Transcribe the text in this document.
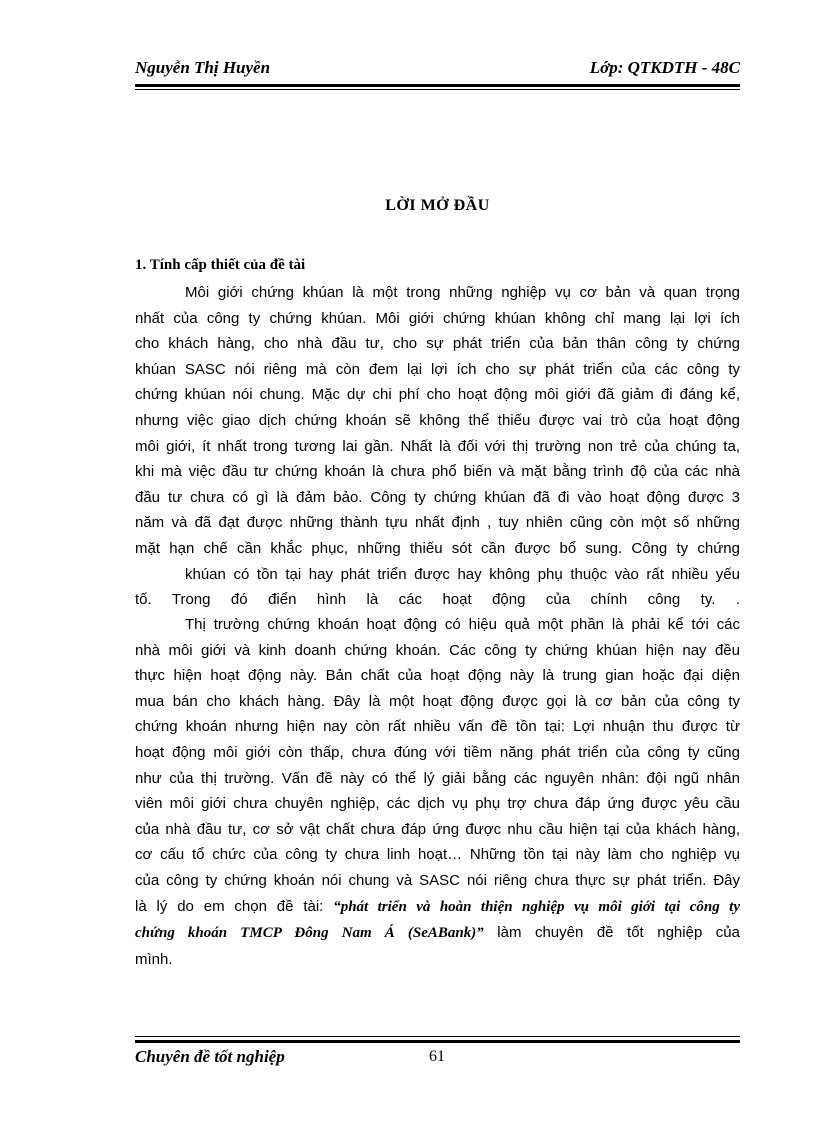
Nguyễn Thị Huyền	Lớp: QTKDTH - 48C
LỜI MỞ ĐẦU
1. Tính cấp thiết của đề tài
Môi giới chứng khúan là một trong những nghiệp vụ cơ bản và quan trọng
nhất của công ty chứng khúan. Môi giới chứng khúan không chỉ mang lại lợi ích
cho khách hàng, cho nhà đầu tư, cho sự phát triển của bản thân công ty chứng
khúan SASC nói riêng mà còn đem lại lợi ích cho sự phát triển của các công ty
chứng khúan nói chung. Mặc dự chi phí cho hoạt động môi giới đã giảm đi đáng kể,
nhưng việc giao dịch chứng khoán sẽ không thể thiếu được vai trò của hoạt động
môi giới, ít nhất trong tương lai gần. Nhất là đối với thị trường non trẻ của chúng ta,
khi mà việc đầu tư chứng khoán là chưa phổ biến và mặt bằng trình độ của các nhà
đầu tư chưa có gì là đảm bảo. Công ty chứng khúan đã đi vào hoạt động được 3
năm và đã đạt được những thành tựu nhất định , tuy nhiên cũng còn một số những
mặt hạn chế cần khắc phục, những thiếu sót cần được bổ sung. Công ty chứng
khúan có tồn tại hay phát triển được hay không phụ thuộc vào rất nhiều yếu
tố. Trong đó điển hình là các hoạt động của chính công ty. .
Thị trường chứng khoán hoạt động có hiệu quả một phần là phải kể tới các
nhà môi giới và kinh doanh chứng khoán. Các công ty chứng khúan hiện nay đều
thực hiện hoạt động này. Bản chất của hoạt động này là trung gian hoặc đại diện
mua bán cho khách hàng. Đây là một hoạt động được gọi là cơ bản của công ty
chứng khoán nhưng hiện nay còn rất nhiều vấn đề tồn tại: Lợi nhuận thu được từ
hoạt động môi giới còn thấp, chưa đúng với tiềm năng phát triển của công ty cũng
như của thị trường. Vấn đề này có thể lý giải bằng các nguyên nhân: đội ngũ nhân
viên môi giới chưa chuyên nghiệp, các dịch vụ phụ trợ chưa đáp ứng được yêu cầu
của nhà đầu tư, cơ sở vật chất chưa đáp ứng được nhu cầu hiện tại của khách hàng,
cơ cấu tổ chức của công ty chưa linh hoạt… Những tồn tại này làm cho nghiệp vụ
của công ty chứng khoán nói chung và SASC nói riêng chưa thực sự phát triển. Đây
là lý do em chọn đề tài: “phát triển và hoàn thiện nghiệp vụ môi giới tại công ty
chứng khoán TMCP Đông Nam Á (SeABank)” làm chuyên đề tốt nghiệp của
mình.
Chuyên đề tốt nghiệp	61
